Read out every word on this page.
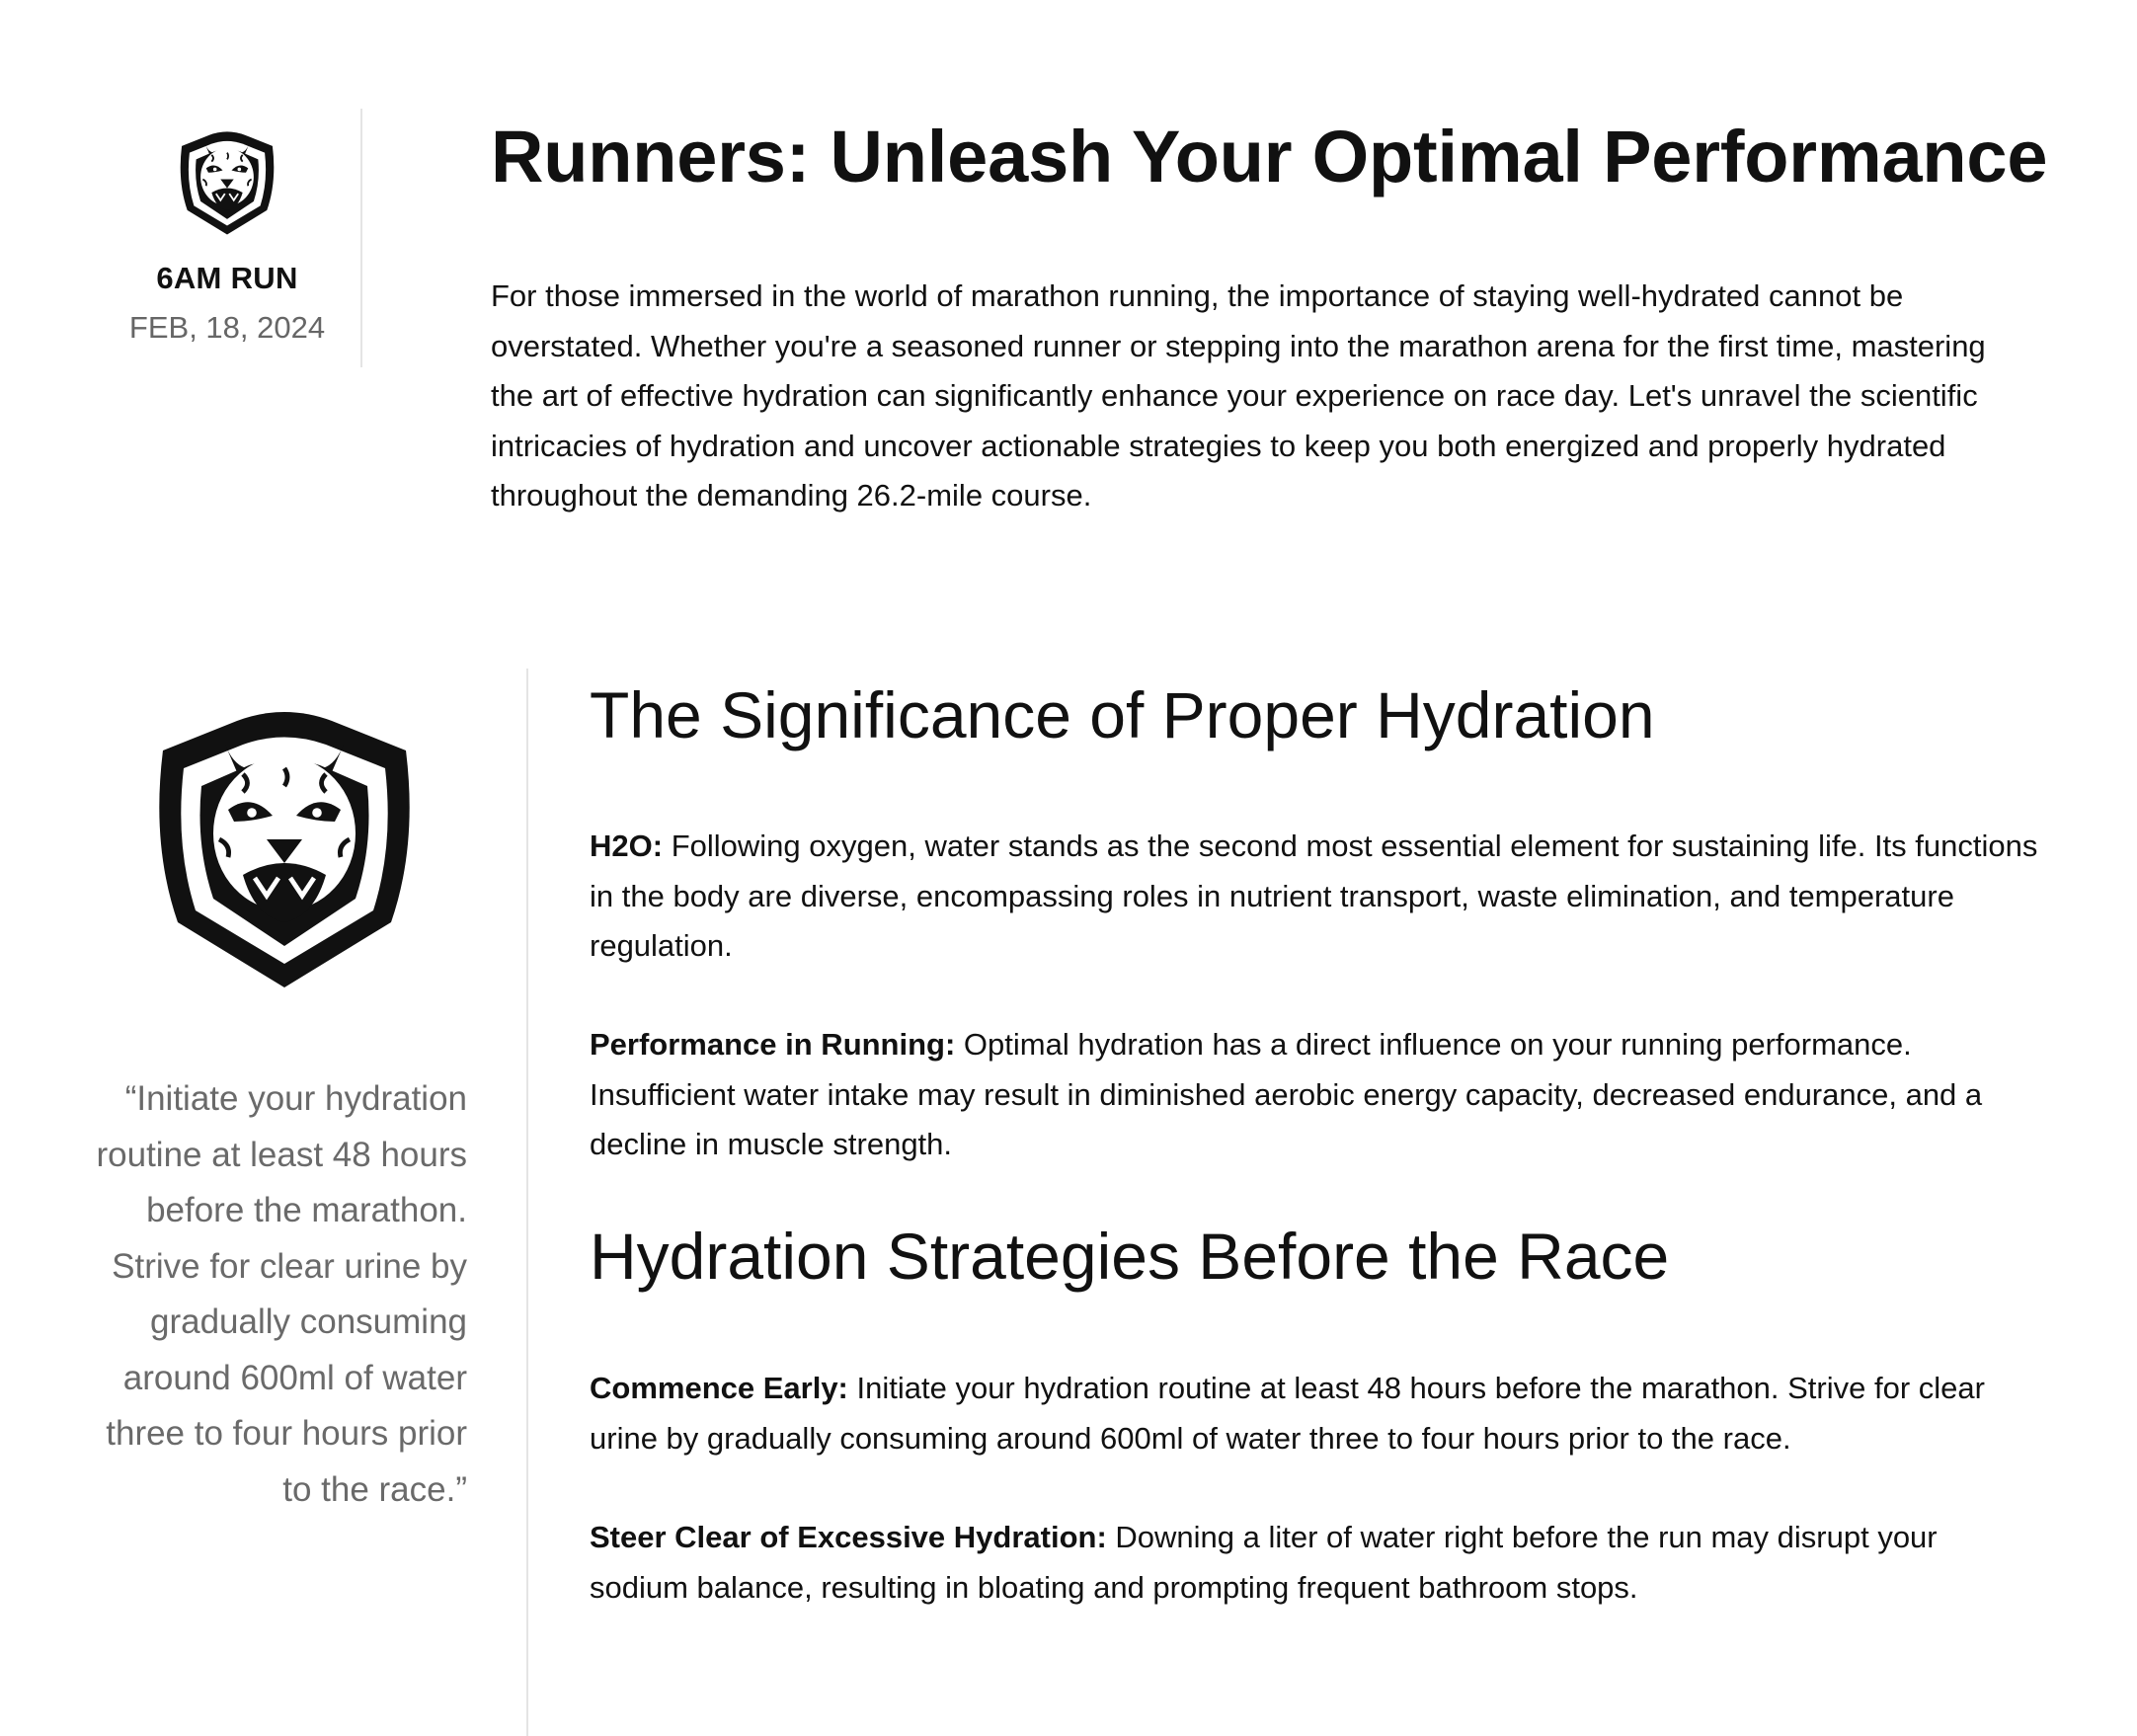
6AM RUN
FEB, 18, 2024
Runners: Unleash Your Optimal Performance

For those immersed in the world of marathon running, the importance of staying well-hydrated cannot be overstated. Whether you're a seasoned runner or stepping into the marathon arena for the first time, mastering the art of effective hydration can significantly enhance your experience on race day. Let's unravel the scientific intricacies of hydration and uncover actionable strategies to keep you both energized and properly hydrated throughout the demanding 26.2-mile course.

“Initiate your hydration routine at least 48 hours before the marathon. Strive for clear urine by gradually consuming around 600ml of water three to four hours prior to the race.”

The Significance of Proper Hydration

H2O: Following oxygen, water stands as the second most essential element for sustaining life. Its functions in the body are diverse, encompassing roles in nutrient transport, waste elimination, and temperature regulation.

Performance in Running: Optimal hydration has a direct influence on your running performance. Insufficient water intake may result in diminished aerobic energy capacity, decreased endurance, and a decline in muscle strength.

Hydration Strategies Before the Race

Commence Early: Initiate your hydration routine at least 48 hours before the marathon. Strive for clear urine by gradually consuming around 600ml of water three to four hours prior to the race.

Steer Clear of Excessive Hydration: Downing a liter of water right before the run may disrupt your sodium balance, resulting in bloating and prompting frequent bathroom stops.
